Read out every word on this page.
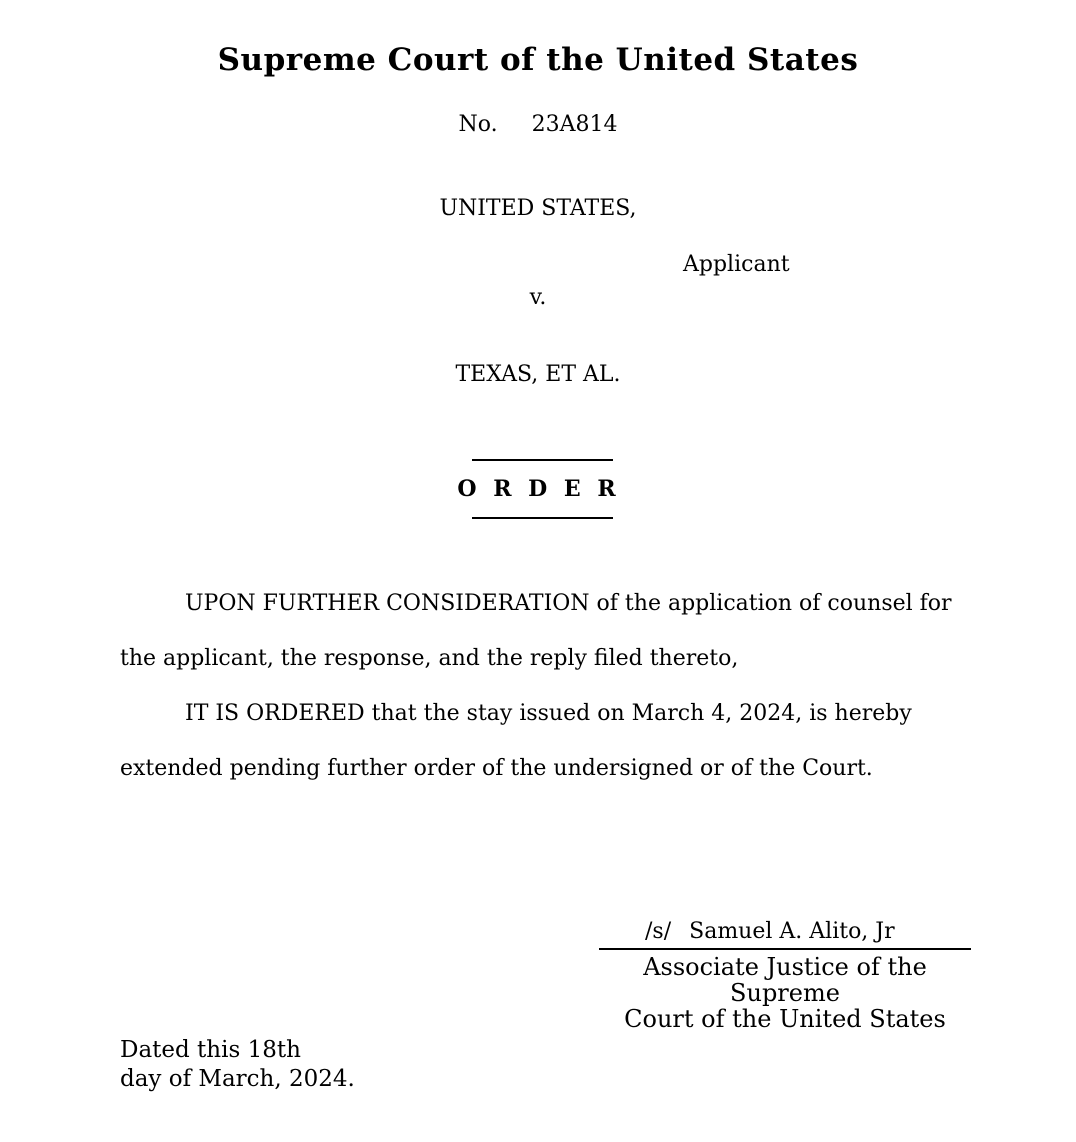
Supreme Court of the United States
No. 23A814
UNITED STATES,
Applicant
v.
TEXAS, ET AL.
O R D E R
UPON FURTHER CONSIDERATION of the application of counsel for
the applicant, the response, and the reply filed thereto,
IT IS ORDERED that the stay issued on March 4, 2024, is hereby
extended pending further order of the undersigned or of the Court.
/s/ Samuel A. Alito, Jr
Associate Justice of the Supreme
Court of the United States
Dated this 18th
day of March, 2024.
